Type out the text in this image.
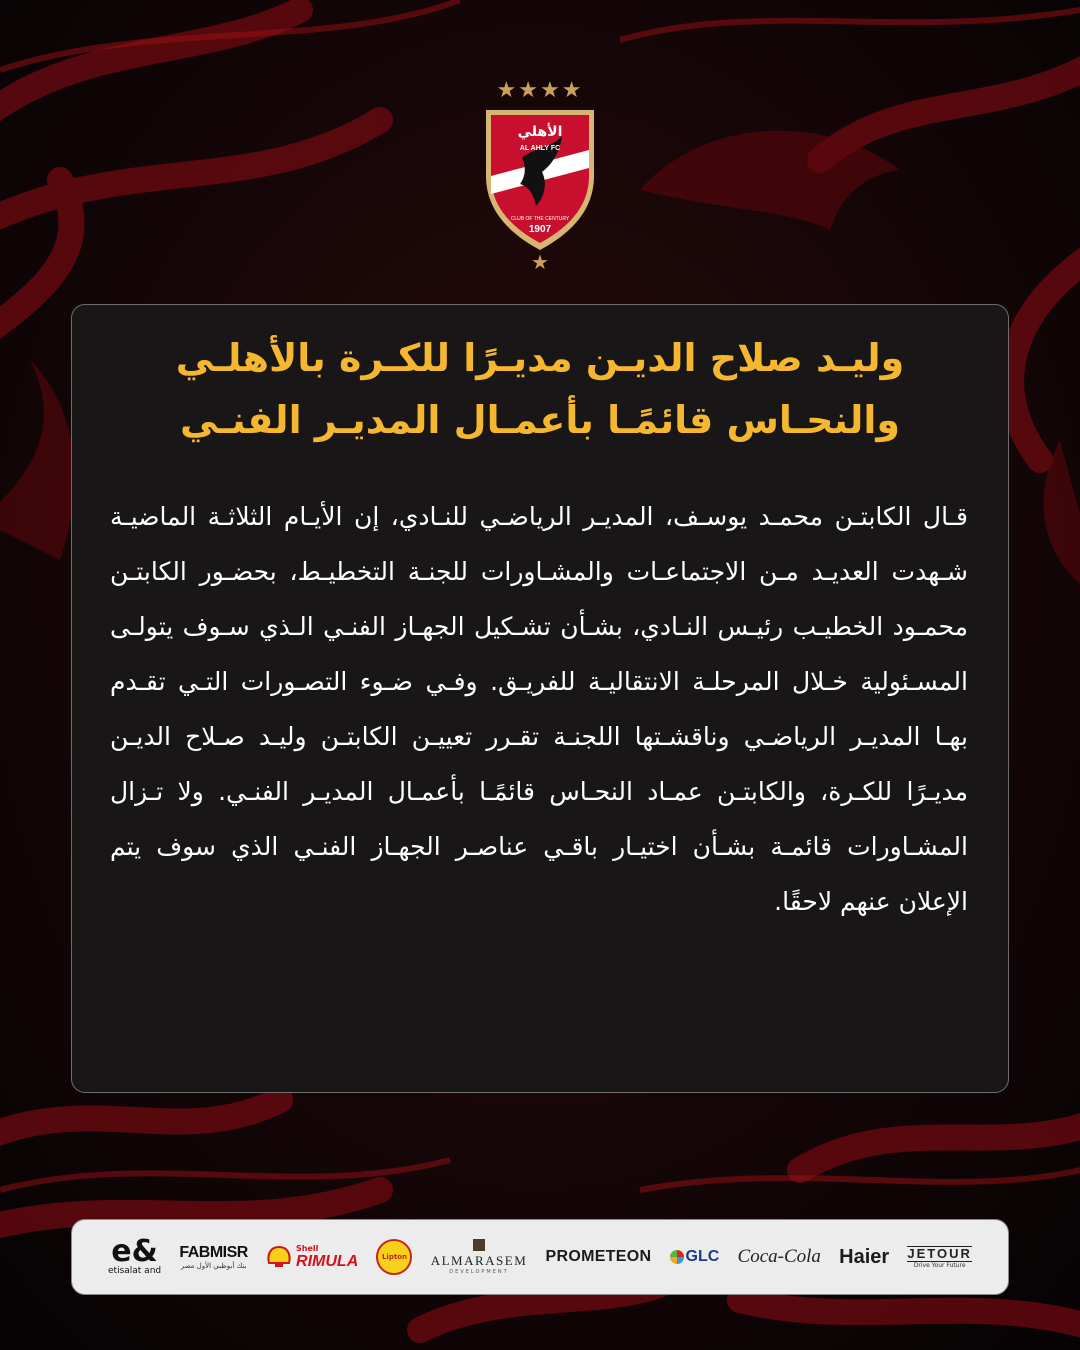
★★★★
الأهلي
AL AHLY FC
CLUB OF THE CENTURY
1907
★
وليـد صلاح الديـن مديـرًا للكـرة بالأهلـي
والنحـاس قائمًـا بأعمـال المديـر الفنـي
قـال الكابتـن محمـد يوسـف، المديـر الرياضـي للنـادي، إن الأيـام الثلاثـة الماضيـة شـهدت العديـد مـن الاجتماعـات والمشـاورات للجنـة التخطيـط، بحضـور الكابتـن محمـود الخطيـب رئيـس النـادي، بشـأن تشـكيل الجهـاز الفنـي الـذي سـوف يتولـى المسـئولية خـلال المرحلـة الانتقاليـة للفريـق. وفـي ضـوء التصـورات التـي تقـدم بهـا المديـر الرياضـي وناقشـتها اللجنـة تقـرر تعييـن الكابتـن وليـد صـلاح الديـن مديـرًا للكـرة، والكابتـن عمـاد النحـاس قائمًـا بأعمـال المديـر الفنـي. ولا تـزال المشـاورات قائمـة بشـأن اختيـار باقـي عناصـر الجهـاز الفنـي الذي سوف يتم الإعلان عنهم لاحقًا.
e&
etisalat and
FABMISR
بنك أبوظبي الأول مصر
Shell
RIMULA	Lipton	ALMARASEM
DEVELOPMENT
PROMETEON GLC Coca-Cola Haier JETOUR
Drive Your Future
